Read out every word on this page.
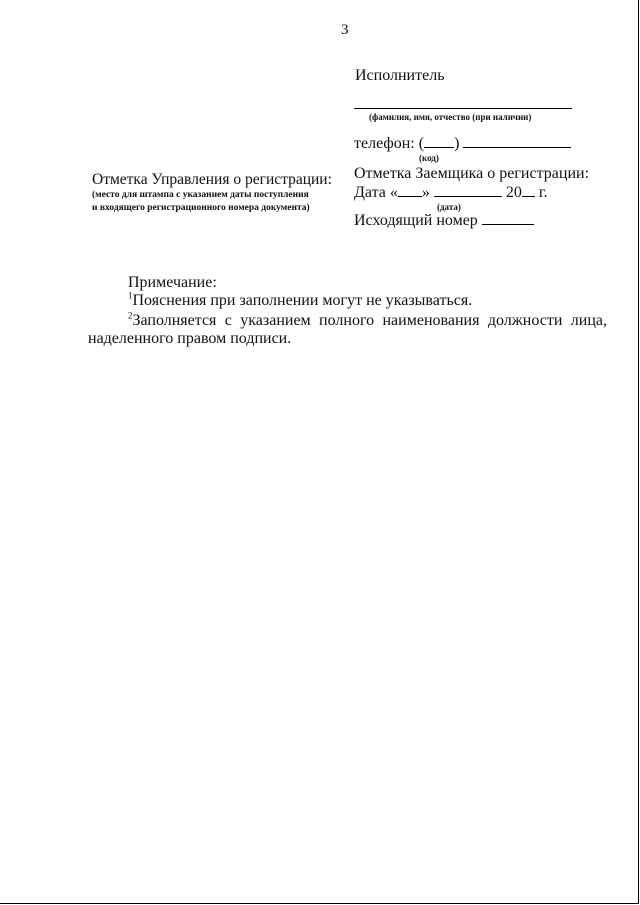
3
Исполнитель
(фамилия, имя, отчество (при наличии)
телефон: ( )
(код)
Отметка Управления о регистрации:
(место для штампа с указанием даты поступления
и входящего регистрационного номера документа)
Отметка Заемщика о регистрации:
Дата « »	20 г.
(дата)
Исходящий номер
Примечание:
$^1$Пояснения при заполнении могут не указываться.
$^2$Заполняется с указанием полного наименования должности лица,
наделенного правом подписи.
